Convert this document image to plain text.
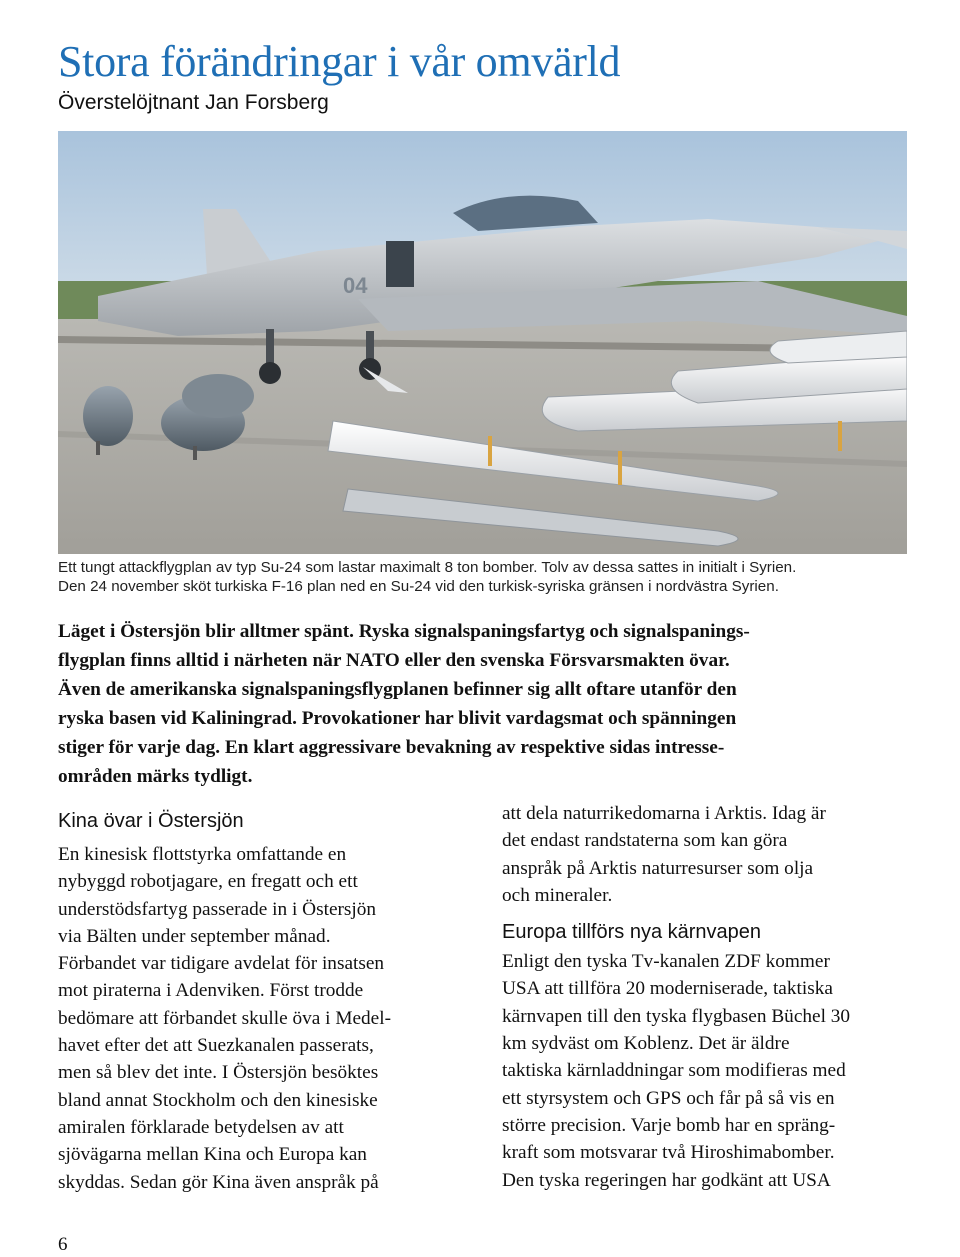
Stora förändringar i vår omvärld
Överstelöjtnant Jan Forsberg
04
Ett tungt attackflygplan av typ Su-24 som lastar maximalt 8 ton bomber. Tolv av dessa sattes in initialt i Syrien.
Den 24 november sköt turkiska F-16 plan ned en Su-24 vid den turkisk-syriska gränsen i nordvästra Syrien.
Läget i Östersjön blir alltmer spänt. Ryska signalspaningsfartyg och signalspanings-
flygplan finns alltid i närheten när NATO eller den svenska Försvarsmakten övar.
Även de amerikanska signalspaningsflygplanen befinner sig allt oftare utanför den
ryska basen vid Kaliningrad. Provokationer har blivit vardagsmat och spänningen
stiger för varje dag. En klart aggressivare bevakning av respektive sidas intresse-
områden märks tydligt.
Kina övar i Östersjön
En kinesisk flottstyrka omfattande en
nybyggd robotjagare, en fregatt och ett
understödsfartyg passerade in i Östersjön
via Bälten under september månad.
Förbandet var tidigare avdelat för insatsen
mot piraterna i Adenviken. Först trodde
bedömare att förbandet skulle öva i Medel-
havet efter det att Suezkanalen passerats,
men så blev det inte. I Östersjön besöktes
bland annat Stockholm och den kinesiske
amiralen förklarade betydelsen av att
sjövägarna mellan Kina och Europa kan
skyddas. Sedan gör Kina även anspråk på
att dela naturrikedomarna i Arktis. Idag är
det endast randstaterna som kan göra
anspråk på Arktis naturresurser som olja
och mineraler.
Europa tillförs nya kärnvapen
Enligt den tyska Tv-kanalen ZDF kommer
USA att tillföra 20 moderniserade, taktiska
kärnvapen till den tyska flygbasen Büchel 30
km sydväst om Koblenz. Det är äldre
taktiska kärnladdningar som modifieras med
ett styrsystem och GPS och får på så vis en
större precision. Varje bomb har en spräng-
kraft som motsvarar två Hiroshimabomber.
Den tyska regeringen har godkänt att USA
6
